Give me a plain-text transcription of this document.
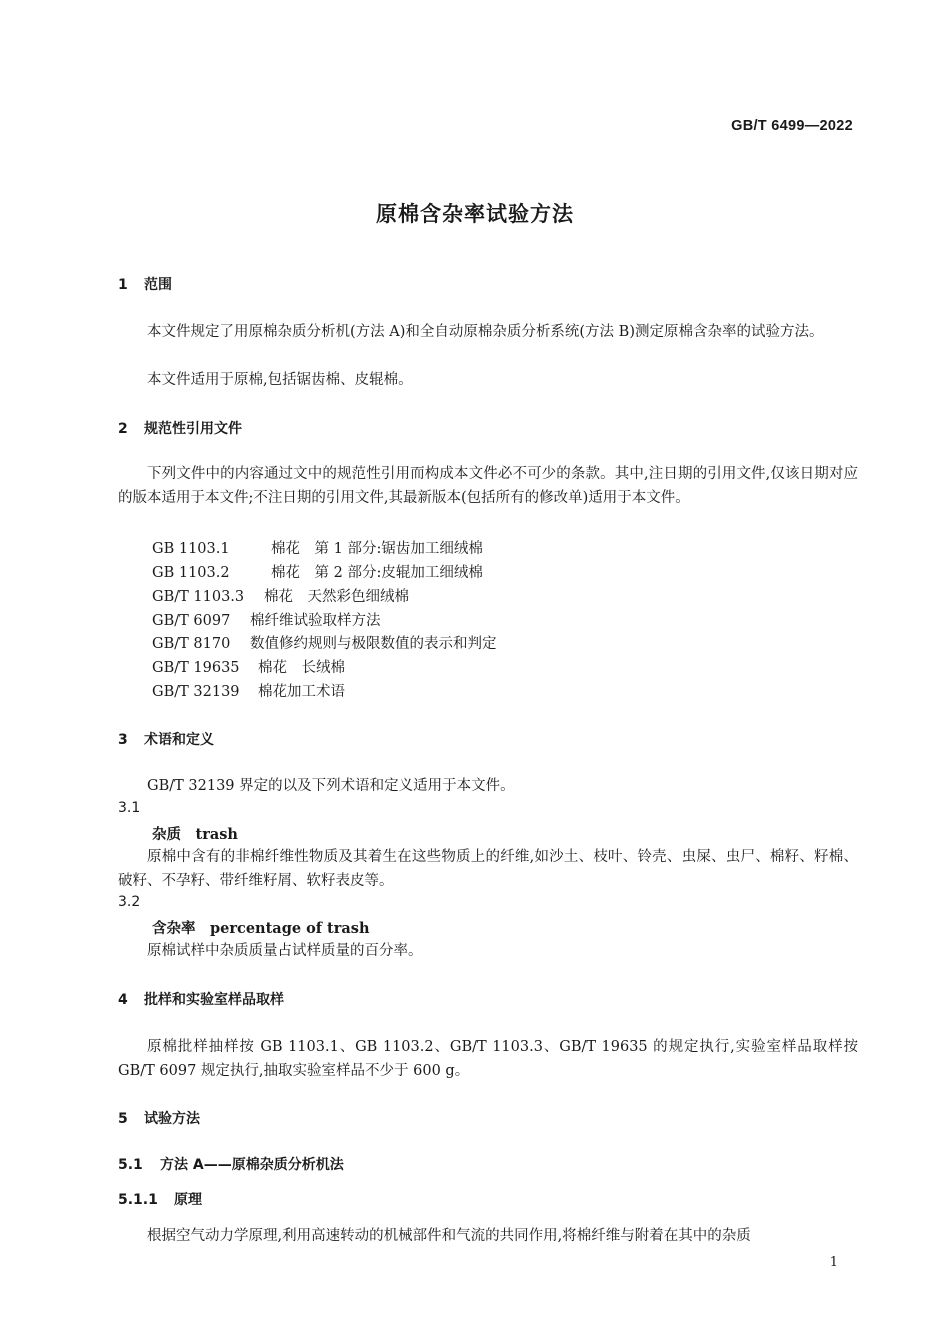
GB/T 6499—2022
原棉含杂率试验方法
1 范围
本文件规定了用原棉杂质分析机(方法 A)和全自动原棉杂质分析系统(方法 B)测定原棉含杂率的试验方法。
本文件适用于原棉,包括锯齿棉、皮辊棉。
2 规范性引用文件
下列文件中的内容通过文中的规范性引用而构成本文件必不可少的条款。其中,注日期的引用文件,仅该日期对应的版本适用于本文件;不注日期的引用文件,其最新版本(包括所有的修改单)适用于本文件。
GB 1103.1	棉花　第 1 部分:锯齿加工细绒棉
GB 1103.2	棉花　第 2 部分:皮辊加工细绒棉
GB/T 1103.3 棉花　天然彩色细绒棉
GB/T 6097 棉纤维试验取样方法
GB/T 8170 数值修约规则与极限数值的表示和判定
GB/T 19635 棉花　长绒棉
GB/T 32139 棉花加工术语
3 术语和定义
GB/T 32139 界定的以及下列术语和定义适用于本文件。
3.1
杂质　trash
原棉中含有的非棉纤维性物质及其着生在这些物质上的纤维,如沙土、枝叶、铃壳、虫屎、虫尸、棉籽、籽棉、破籽、不孕籽、带纤维籽屑、软籽表皮等。
3.2
含杂率　percentage of trash
原棉试样中杂质质量占试样质量的百分率。
4 批样和实验室样品取样
原棉批样抽样按 GB 1103.1、GB 1103.2、GB/T 1103.3、GB/T 19635 的规定执行,实验室样品取样按 GB/T 6097 规定执行,抽取实验室样品不少于 600 g。
5 试验方法
5.1 方法 A——原棉杂质分析机法
5.1.1 原理
根据空气动力学原理,利用高速转动的机械部件和气流的共同作用,将棉纤维与附着在其中的杂质
1
